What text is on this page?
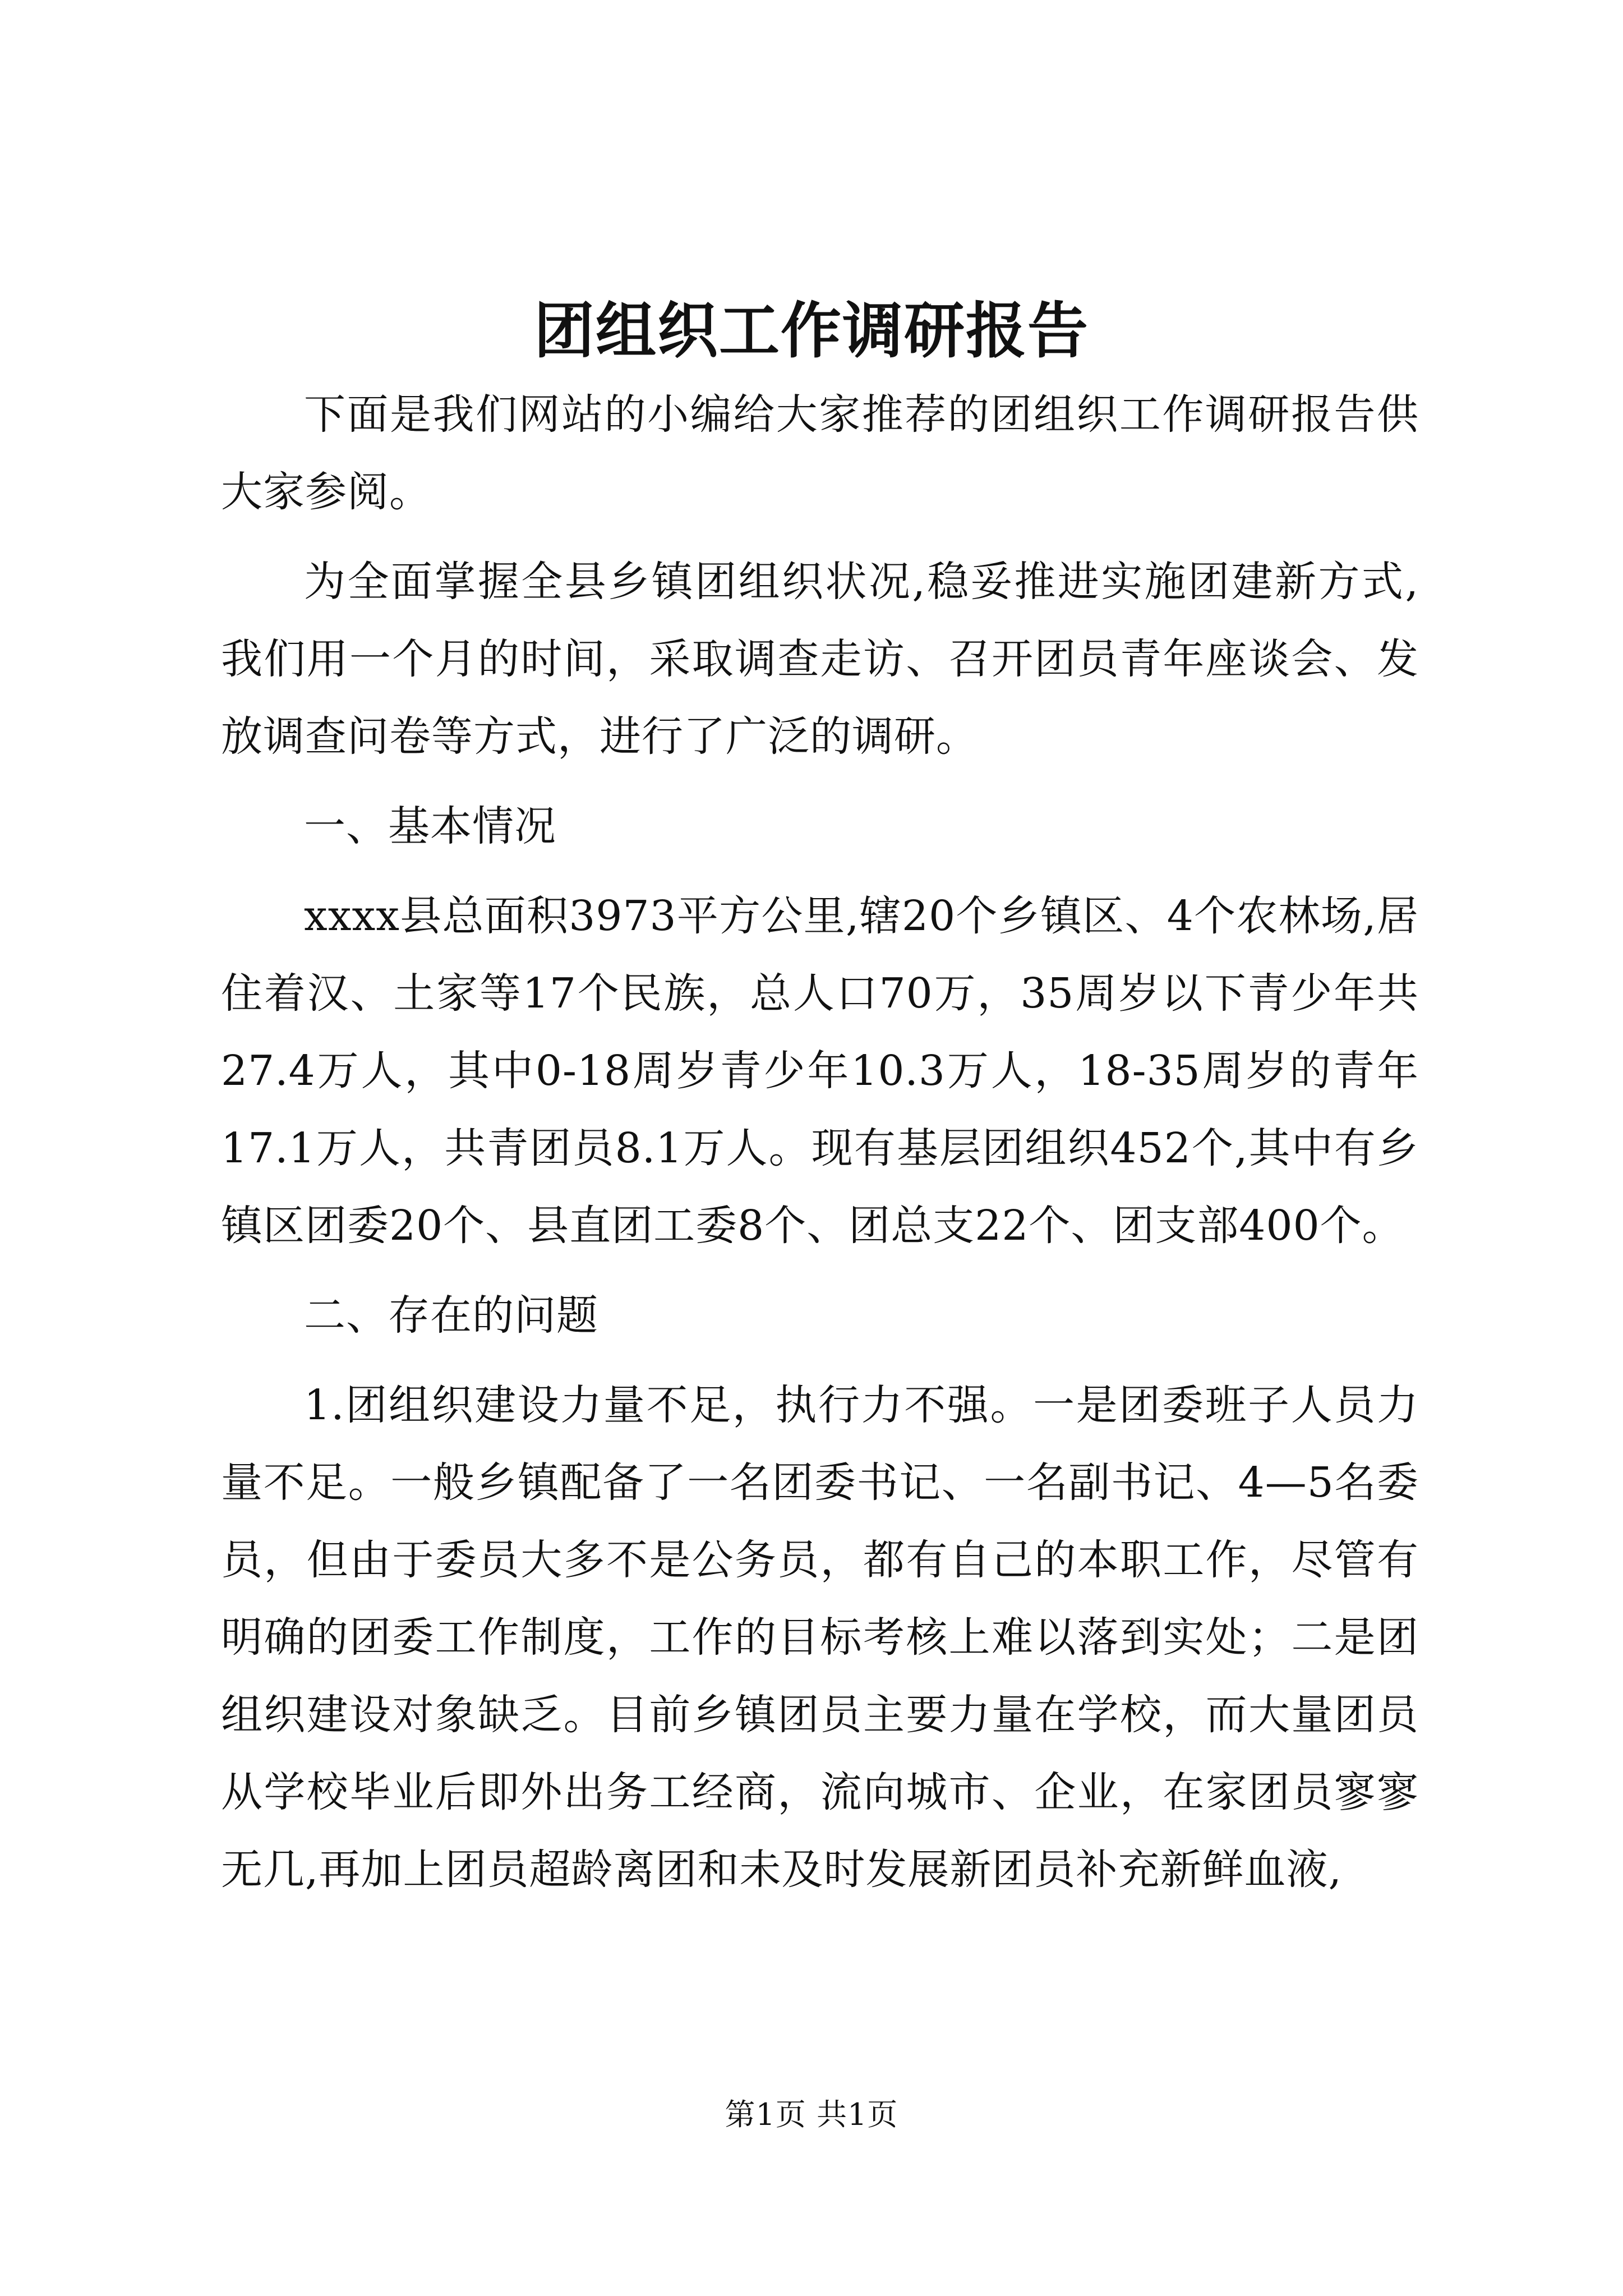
团组织工作调研报告

下面是我们网站的小编给大家推荐的团组织工作调研报告供大家参阅。

为全面掌握全县乡镇团组织状况,稳妥推进实施团建新方式,我们用一个月的时间，采取调查走访、召开团员青年座谈会、发放调查问卷等方式，进行了广泛的调研。

一、基本情况

xxxx县总面积3973平方公里,辖20个乡镇区、4个农林场,居住着汉、土家等17个民族，总人口70万，35周岁以下青少年共27.4万人，其中0-18周岁青少年10.3万人，18-35周岁的青年17.1万人，共青团员8.1万人。现有基层团组织452个,其中有乡镇区团委20个、县直团工委8个、团总支22个、团支部400个。

二、存在的问题

1.团组织建设力量不足，执行力不强。一是团委班子人员力量不足。一般乡镇配备了一名团委书记、一名副书记、4—5名委员，但由于委员大多不是公务员，都有自己的本职工作，尽管有明确的团委工作制度，工作的目标考核上难以落到实处；二是团组织建设对象缺乏。目前乡镇团员主要力量在学校，而大量团员从学校毕业后即外出务工经商，流向城市、企业，在家团员寥寥无几,再加上团员超龄离团和未及时发展新团员补充新鲜血液,

第1页 共1页
